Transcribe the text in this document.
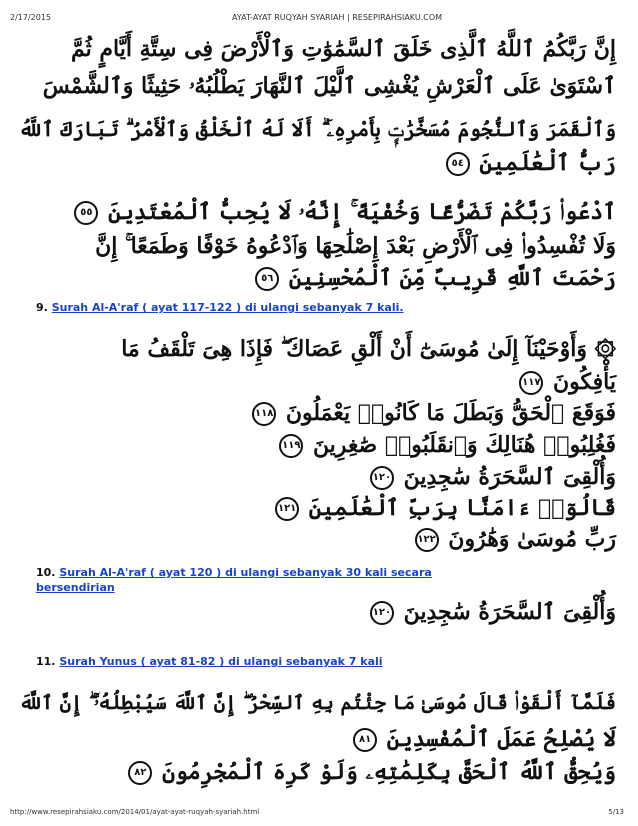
2/17/2015	AYAT-AYAT RUQYAH SYARIAH | RESEPIRAHSIAKU.COM
إِنَّ رَبَّكُمُ ٱللَّهُ ٱلَّذِى خَلَقَ ٱلسَّمَٰوَٰتِ وَٱلْأَرْضَ فِى سِتَّةِ أَيَّامٍ ثُمَّ
ٱسْتَوَىٰ عَلَى ٱلْعَرْشِ يُغْشِى ٱلَّيْلَ ٱلنَّهَارَ يَطْلُبُهُۥ حَثِيثًا وَٱلشَّمْسَ
وَٱلْقَمَرَ وَٱلنُّجُومَ مُسَخَّرَٰتٍۭ بِأَمْرِهِۦٓ ۗ أَلَا لَهُ ٱلْخَلْقُ وَٱلْأَمْرُ ۗ تَبَارَكَ ٱللَّهُ
رَبُّ ٱلْعَٰلَمِينَ ٥٤
ٱدْعُوا۟ رَبَّكُمْ تَضَرُّعًا وَخُفْيَةً ۚ إِنَّهُۥ لَا يُحِبُّ ٱلْمُعْتَدِينَ ٥٥
وَلَا تُفْسِدُوا۟ فِى ٱلْأَرْضِ بَعْدَ إِصْلَٰحِهَا وَٱدْعُوهُ خَوْفًا وَطَمَعًا ۚ إِنَّ
رَحْمَتَ ٱللَّهِ قَرِيبٌ مِّنَ ٱلْمُحْسِنِينَ ٥٦
9. Surah Al-A'raf ( ayat 117-122 ) di ulangi sebanyak 7 kali.
۞ وَأَوْحَيْنَآ إِلَىٰ مُوسَىٰٓ أَنْ أَلْقِ عَصَاكَ ۖ فَإِذَا هِىَ تَلْقَفُ مَا
يَأْفِكُونَ ١١٧
فَوَقَعَ ٱلْحَقُّ وَبَطَلَ مَا كَانُوا۟ يَعْمَلُونَ ١١٨
فَغُلِبُوا۟ هُنَالِكَ وَٱنقَلَبُوا۟ صَٰغِرِينَ ١١٩
وَأُلْقِىَ ٱلسَّحَرَةُ سَٰجِدِينَ ١٢٠
قَالُوٓا۟ ءَامَنَّا بِرَبِّ ٱلْعَٰلَمِينَ ١٢١
رَبِّ مُوسَىٰ وَهَٰرُونَ ١٢٢
10. Surah Al-A'raf ( ayat 120 ) di ulangi sebanyak 30 kali secara
bersendirian
وَأُلْقِىَ ٱلسَّحَرَةُ سَٰجِدِينَ ١٢٠
11. Surah Yunus ( ayat 81-82 ) di ulangi sebanyak 7 kali
فَلَمَّآ أَلْقَوْا۟ قَالَ مُوسَىٰ مَا جِئْتُم بِهِ ٱلسِّحْرُ ۖ إِنَّ ٱللَّهَ سَيُبْطِلُهُۥٓ ۖ إِنَّ ٱللَّهَ
لَا يُصْلِحُ عَمَلَ ٱلْمُفْسِدِينَ ٨١
وَيُحِقُّ ٱللَّهُ ٱلْحَقَّ بِكَلِمَٰتِهِۦ وَلَوْ كَرِهَ ٱلْمُجْرِمُونَ ٨٢
http://www.resepirahsiaku.com/2014/01/ayat-ayat-ruqyah-syariah.html	5/13
